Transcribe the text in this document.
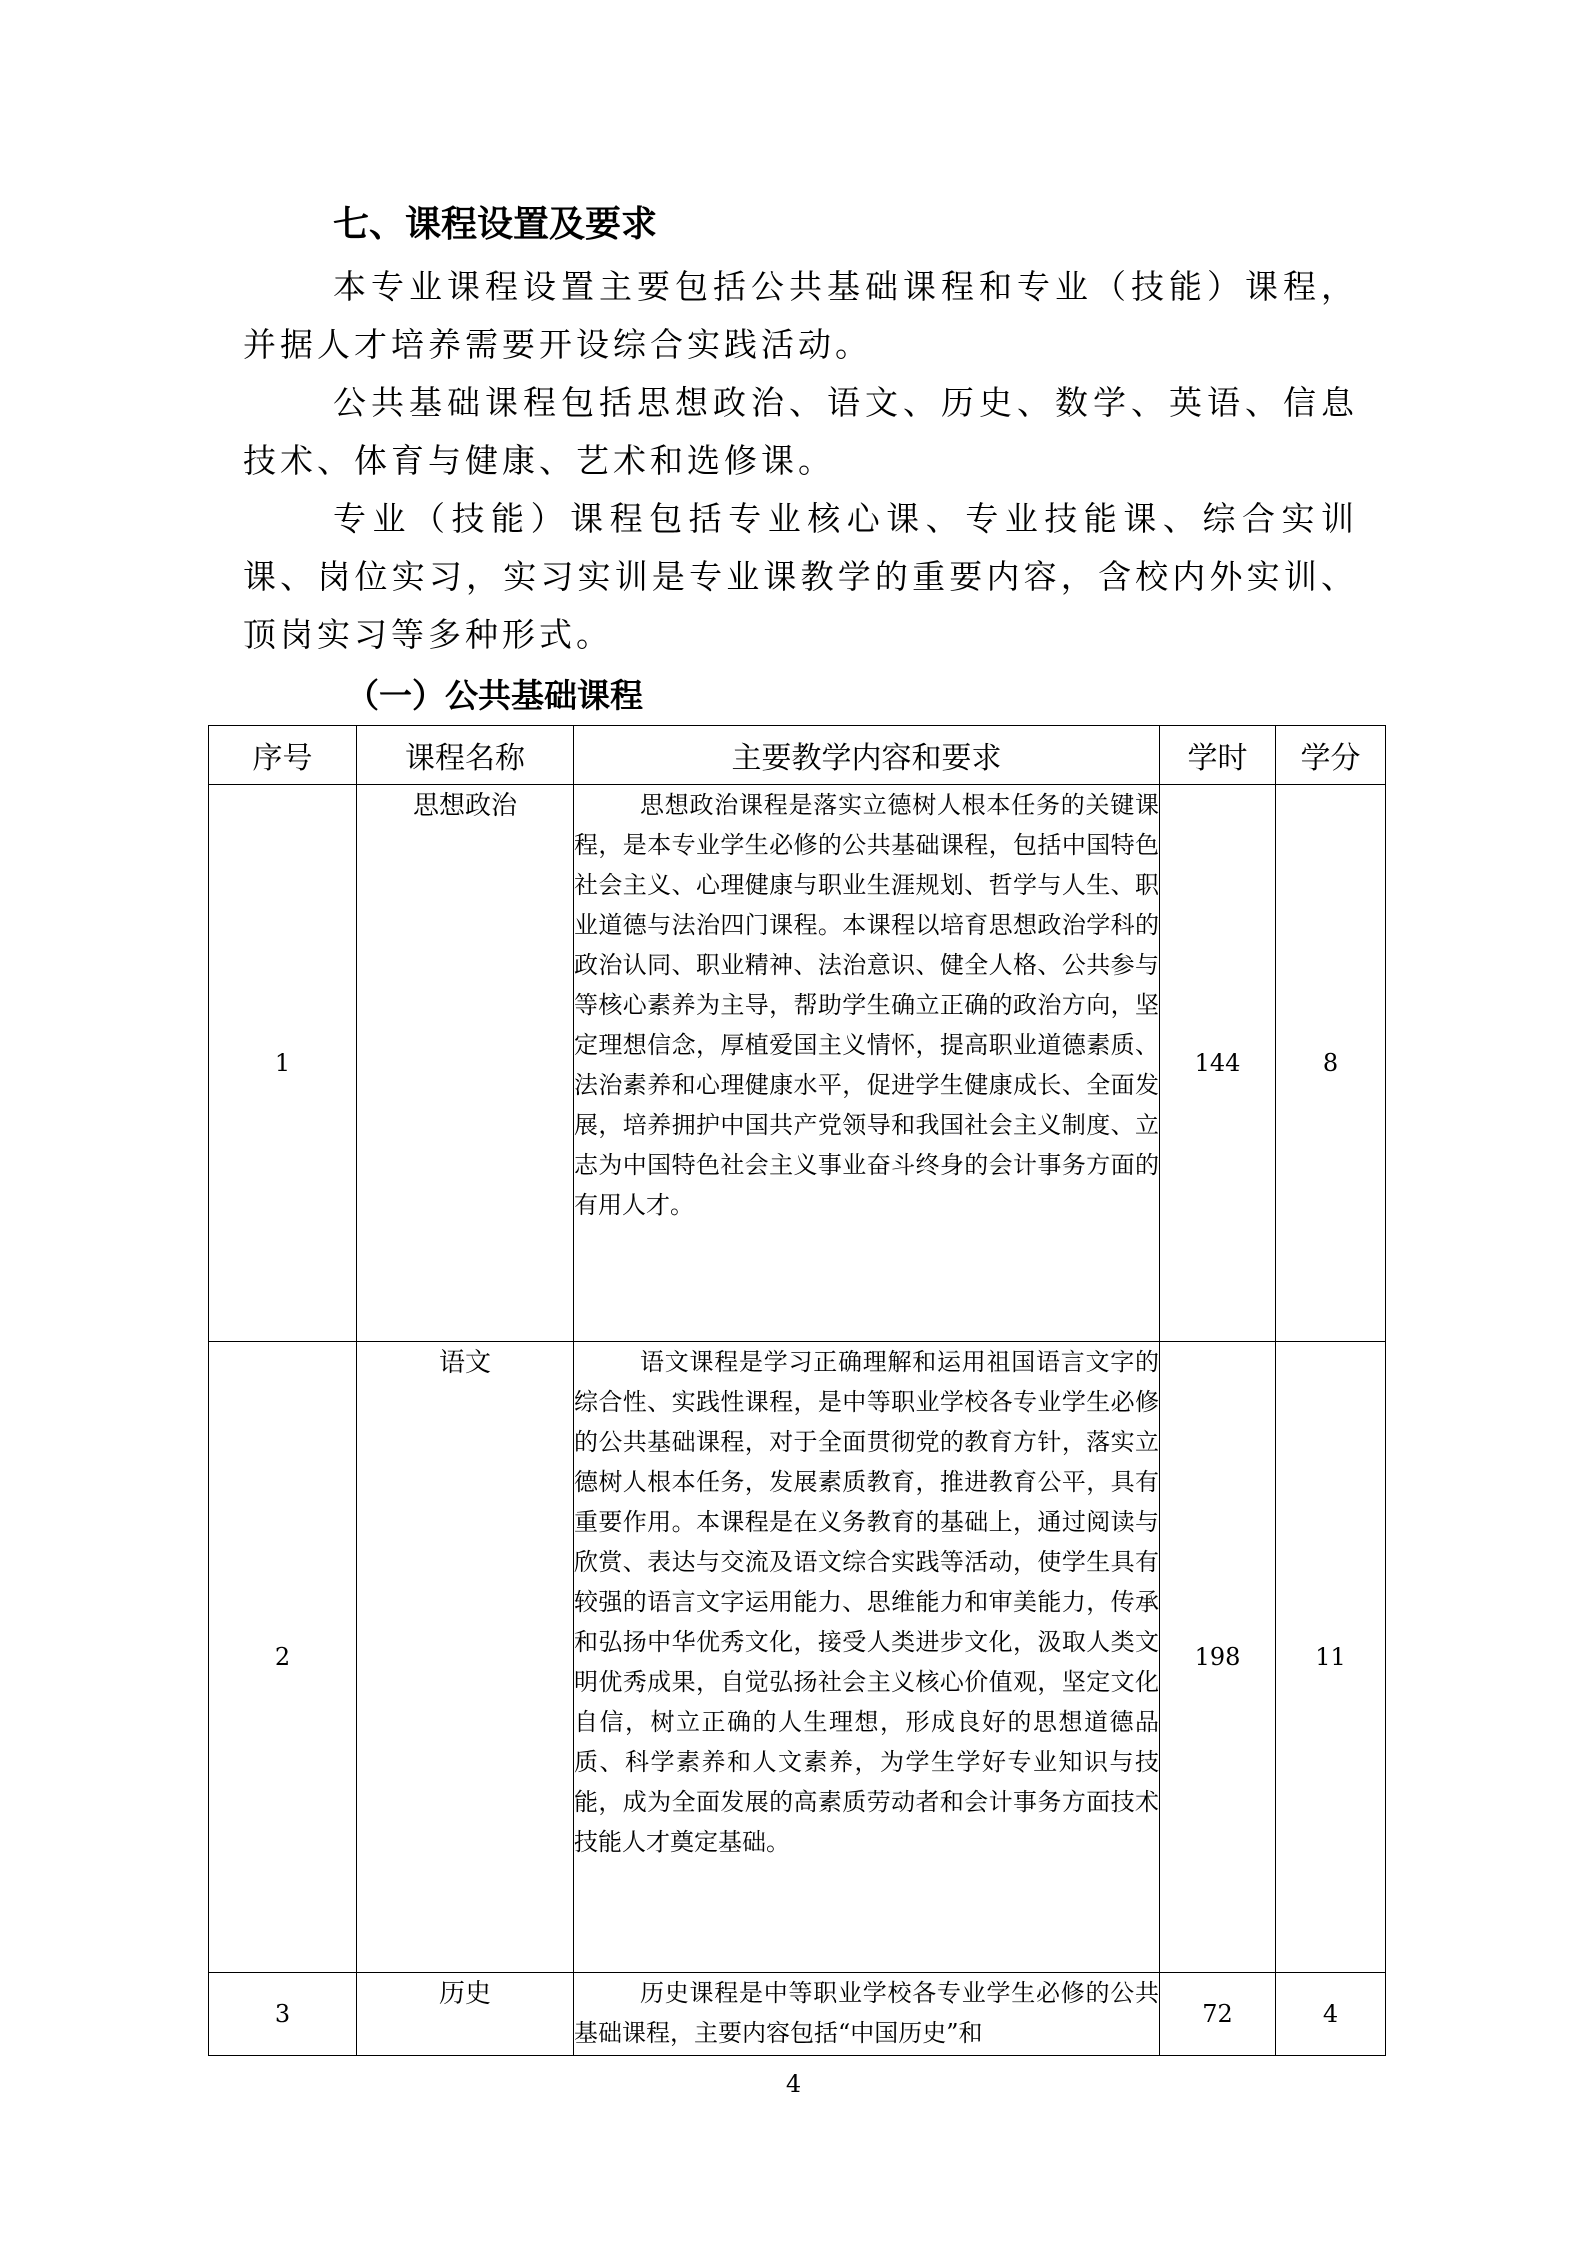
七、课程设置及要求
本专业课程设置主要包括公共基础课程和专业（技能）课程，并据人才培养需要开设综合实践活动。
公共基础课程包括思想政治、语文、历史、数学、英语、信息技术、体育与健康、艺术和选修课。
专业（技能）课程包括专业核心课、专业技能课、综合实训课、岗位实习，实习实训是专业课教学的重要内容，含校内外实训、顶岗实习等多种形式。
（一）公共基础课程
序号	课程名称	主要教学内容和要求	学时	学分
1	思想政治	思想政治课程是落实立德树人根本任务的关键课程，是本专业学生必修的公共基础课程，包括中国特色社会主义、心理健康与职业生涯规划、哲学与人生、职业道德与法治四门课程。本课程以培育思想政治学科的政治认同、职业精神、法治意识、健全人格、公共参与等核心素养为主导，帮助学生确立正确的政治方向，坚定理想信念，厚植爱国主义情怀，提高职业道德素质、法治素养和心理健康水平，促进学生健康成长、全面发展，培养拥护中国共产党领导和我国社会主义制度、立志为中国特色社会主义事业奋斗终身的会计事务方面的有用人才。	144	8
2	语文	语文课程是学习正确理解和运用祖国语言文字的综合性、实践性课程，是中等职业学校各专业学生必修的公共基础课程，对于全面贯彻党的教育方针，落实立德树人根本任务，发展素质教育，推进教育公平，具有重要作用。本课程是在义务教育的基础上，通过阅读与欣赏、表达与交流及语文综合实践等活动，使学生具有较强的语言文字运用能力、思维能力和审美能力，传承和弘扬中华优秀文化，接受人类进步文化，汲取人类文明优秀成果，自觉弘扬社会主义核心价值观，坚定文化自信，树立正确的人生理想，形成良好的思想道德品质、科学素养和人文素养，为学生学好专业知识与技能，成为全面发展的高素质劳动者和会计事务方面技术技能人才奠定基础。	198	11
3	历史	历史课程是中等职业学校各专业学生必修的公共基础课程，主要内容包括“中国历史”和	72	4
4
